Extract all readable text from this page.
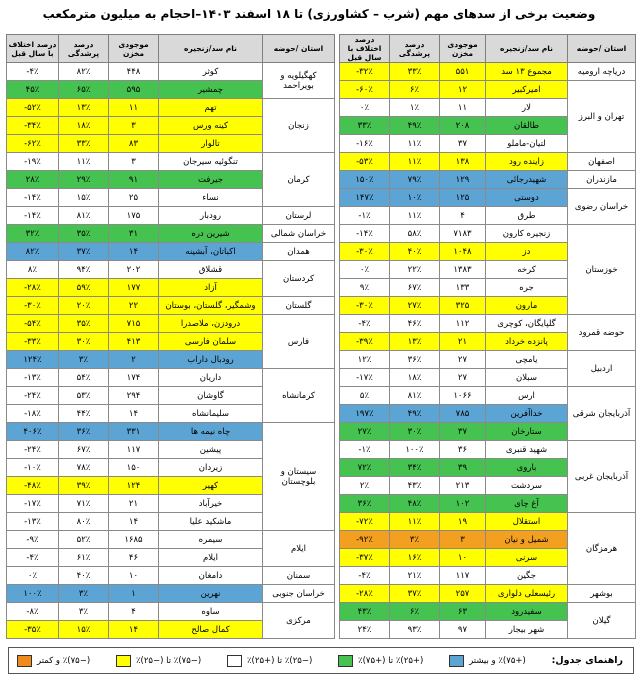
وضعیت برخی از سدهای مهم (شرب – کشاورزی) تا ۱۸ اسفند ۱۴۰۳–احجام به میلیون مترمکعب
استان /حوضه	نام سد/زنجیره	موجودی مخزن	درصد پرشدگی	درصد اختلاف با سال قبل
دریاچه ارومیه	مجموع ۱۳ سد	۵۵۱	۳۳٪	-۳۲٪
تهران و البرز	امیرکبیر	۱۲	۶٪	-۶۰٪
	لار	۱۱	۱٪	۰٪
	طالقان	۲۰۸	۴۹٪	۳۳٪
	لتیان-ماملو	۳۷	۱۱٪	-۱۶٪
اصفهان	زاینده رود	۱۳۸	۱۱٪	-۵۳٪
مازندران	شهیدرجائی	۱۲۹	۷۹٪	۱۵۰٪
خراسان رضوی	دوستی	۱۲۵	۱۰٪	۱۴۷٪
	طرق	۴	۱۱٪	-۱٪
خوزستان	زنجیره کارون	۷۱۸۳	۵۸٪	-۱۴٪
	دز	۱۰۴۸	۴۰٪	-۳۰٪
	کرخه	۱۳۸۳	۲۲٪	۰٪
	جره	۱۳۳	۶۷٪	۹٪
	مارون	۳۲۵	۲۷٪	-۳۰٪
حوضه قمرود	گلپایگان، کوچری	۱۱۲	۴۶٪	-۴٪
	پانزده خرداد	۲۱	۱۳٪	-۳۹٪
اردبیل	یامچی	۲۷	۳۶٪	۱۲٪
	سبلان	۲۷	۱۸٪	-۱۷٪
آذربایجان شرقی	ارس	۱۰۶۶	۸۱٪	۵٪
	خداآفرین	۷۸۵	۴۹٪	۱۹۷٪
	ستارخان	۳۷	۳۰٪	۲۷٪
آذربایجان غربی	شهید قنبری	۳۶	۱۰۰٪	-۱٪
	باروی	۳۹	۳۴٪	۷۲٪
	سردشت	۲۱۳	۴۳٪	۲٪
	آغ چای	۱۰۲	۴۸٪	۳۶٪
هرمزگان	استقلال	۱۹	۱۱٪	-۷۲٪
	شمیل و نیان	۳	۳٪	-۹۲٪
	سرنی	۱۰	۱۶٪	-۳۷٪
	جگین	۱۱۷	۲۱٪	-۴٪
بوشهر	رئیسعلی دلواری	۲۵۷	۳۷٪	-۲۸٪
گیلان	سفیدرود	۶۳	۶٪	۴۳٪
	شهر بیجار	۹۷	۹۳٪	۲۴٪
استان /حوضه	نام سد/زنجیره	موجودی مخزن	درصد پرشدگی	درصد اختلاف با سال قبل
کهگیلویه و بویراحمد	کوثر	۴۴۸	۸۲٪	-۴٪
	چمشیر	۵۹۵	۶۵٪	۴۵٪
زنجان	تهم	۱۱	۱۳٪	-۵۲٪
	کینه ورس	۳	۱۸٪	-۳۴٪
	تالوار	۸۳	۳۳٪	-۶۲٪
کرمان	تنگوئیه سیرجان	۳	۱۱٪	-۱۹٪
	جیرفت	۹۱	۲۹٪	۲۸٪
	نساء	۲۵	۱۵٪	-۱۴٪
لرستان	رودبار	۱۷۵	۸۱٪	-۱۴٪
خراسان شمالی	شیرین دره	۳۱	۳۵٪	۳۲٪
همدان	اکباتان، آبشینه	۱۴	۳۷٪	۸۲٪
کردستان	قشلاق	۲۰۲	۹۴٪	۸٪
	آزاد	۱۷۷	۵۹٪	-۲۸٪
گلستان	وشمگیر، گلستان، بوستان	۲۲	۲۰٪	-۳۰٪
فارس	درودزن، ملاصدرا	۷۱۵	۳۵٪	-۵۴٪
	سلمان فارسی	۴۱۳	۳۰٪	-۳۳٪
	رودبال داراب	۲	۳٪	۱۲۴٪
کرمانشاه	داریان	۱۷۴	۵۴٪	-۱۳٪
	گاوشان	۲۹۴	۵۳٪	-۲۴٪
	سلیمانشاه	۱۴	۴۴٪	-۱۸٪
سیستان و بلوچستان	چاه نیمه ها	۳۳۱	۳۶٪	۴۰۶٪
	پیشین	۱۱۷	۶۷٪	-۲۴٪
	زیردان	۱۵۰	۷۸٪	-۱۰٪
	کهیر	۱۲۴	۳۹٪	-۴۸٪
	خیرآباد	۲۱	۷۱٪	-۱۷٪
	ماشکید علیا	۱۴	۸۰٪	-۱۳٪
ایلام	سیمره	۱۶۸۵	۵۲٪	-۹٪
	ایلام	۴۶	۶۱٪	-۴٪
سمنان	دامغان	۱۰	۴۰٪	۰٪
خراسان جنوبی	نهرین	۱	۳٪	۱۰۰٪
مرکزی	ساوه	۴	۳٪	-۸٪
	کمال صالح	۱۴	۱۵٪	-۳۵٪
راهنمای جدول:
(+۷۵)٪ و بیشتر
(+۲۵)٪ تا (+۷۵)٪
(−۲۵)٪ تا (+۲۵)٪
(−۷۵)٪ تا (−۲۵)٪
(−۷۵)٪ و کمتر
